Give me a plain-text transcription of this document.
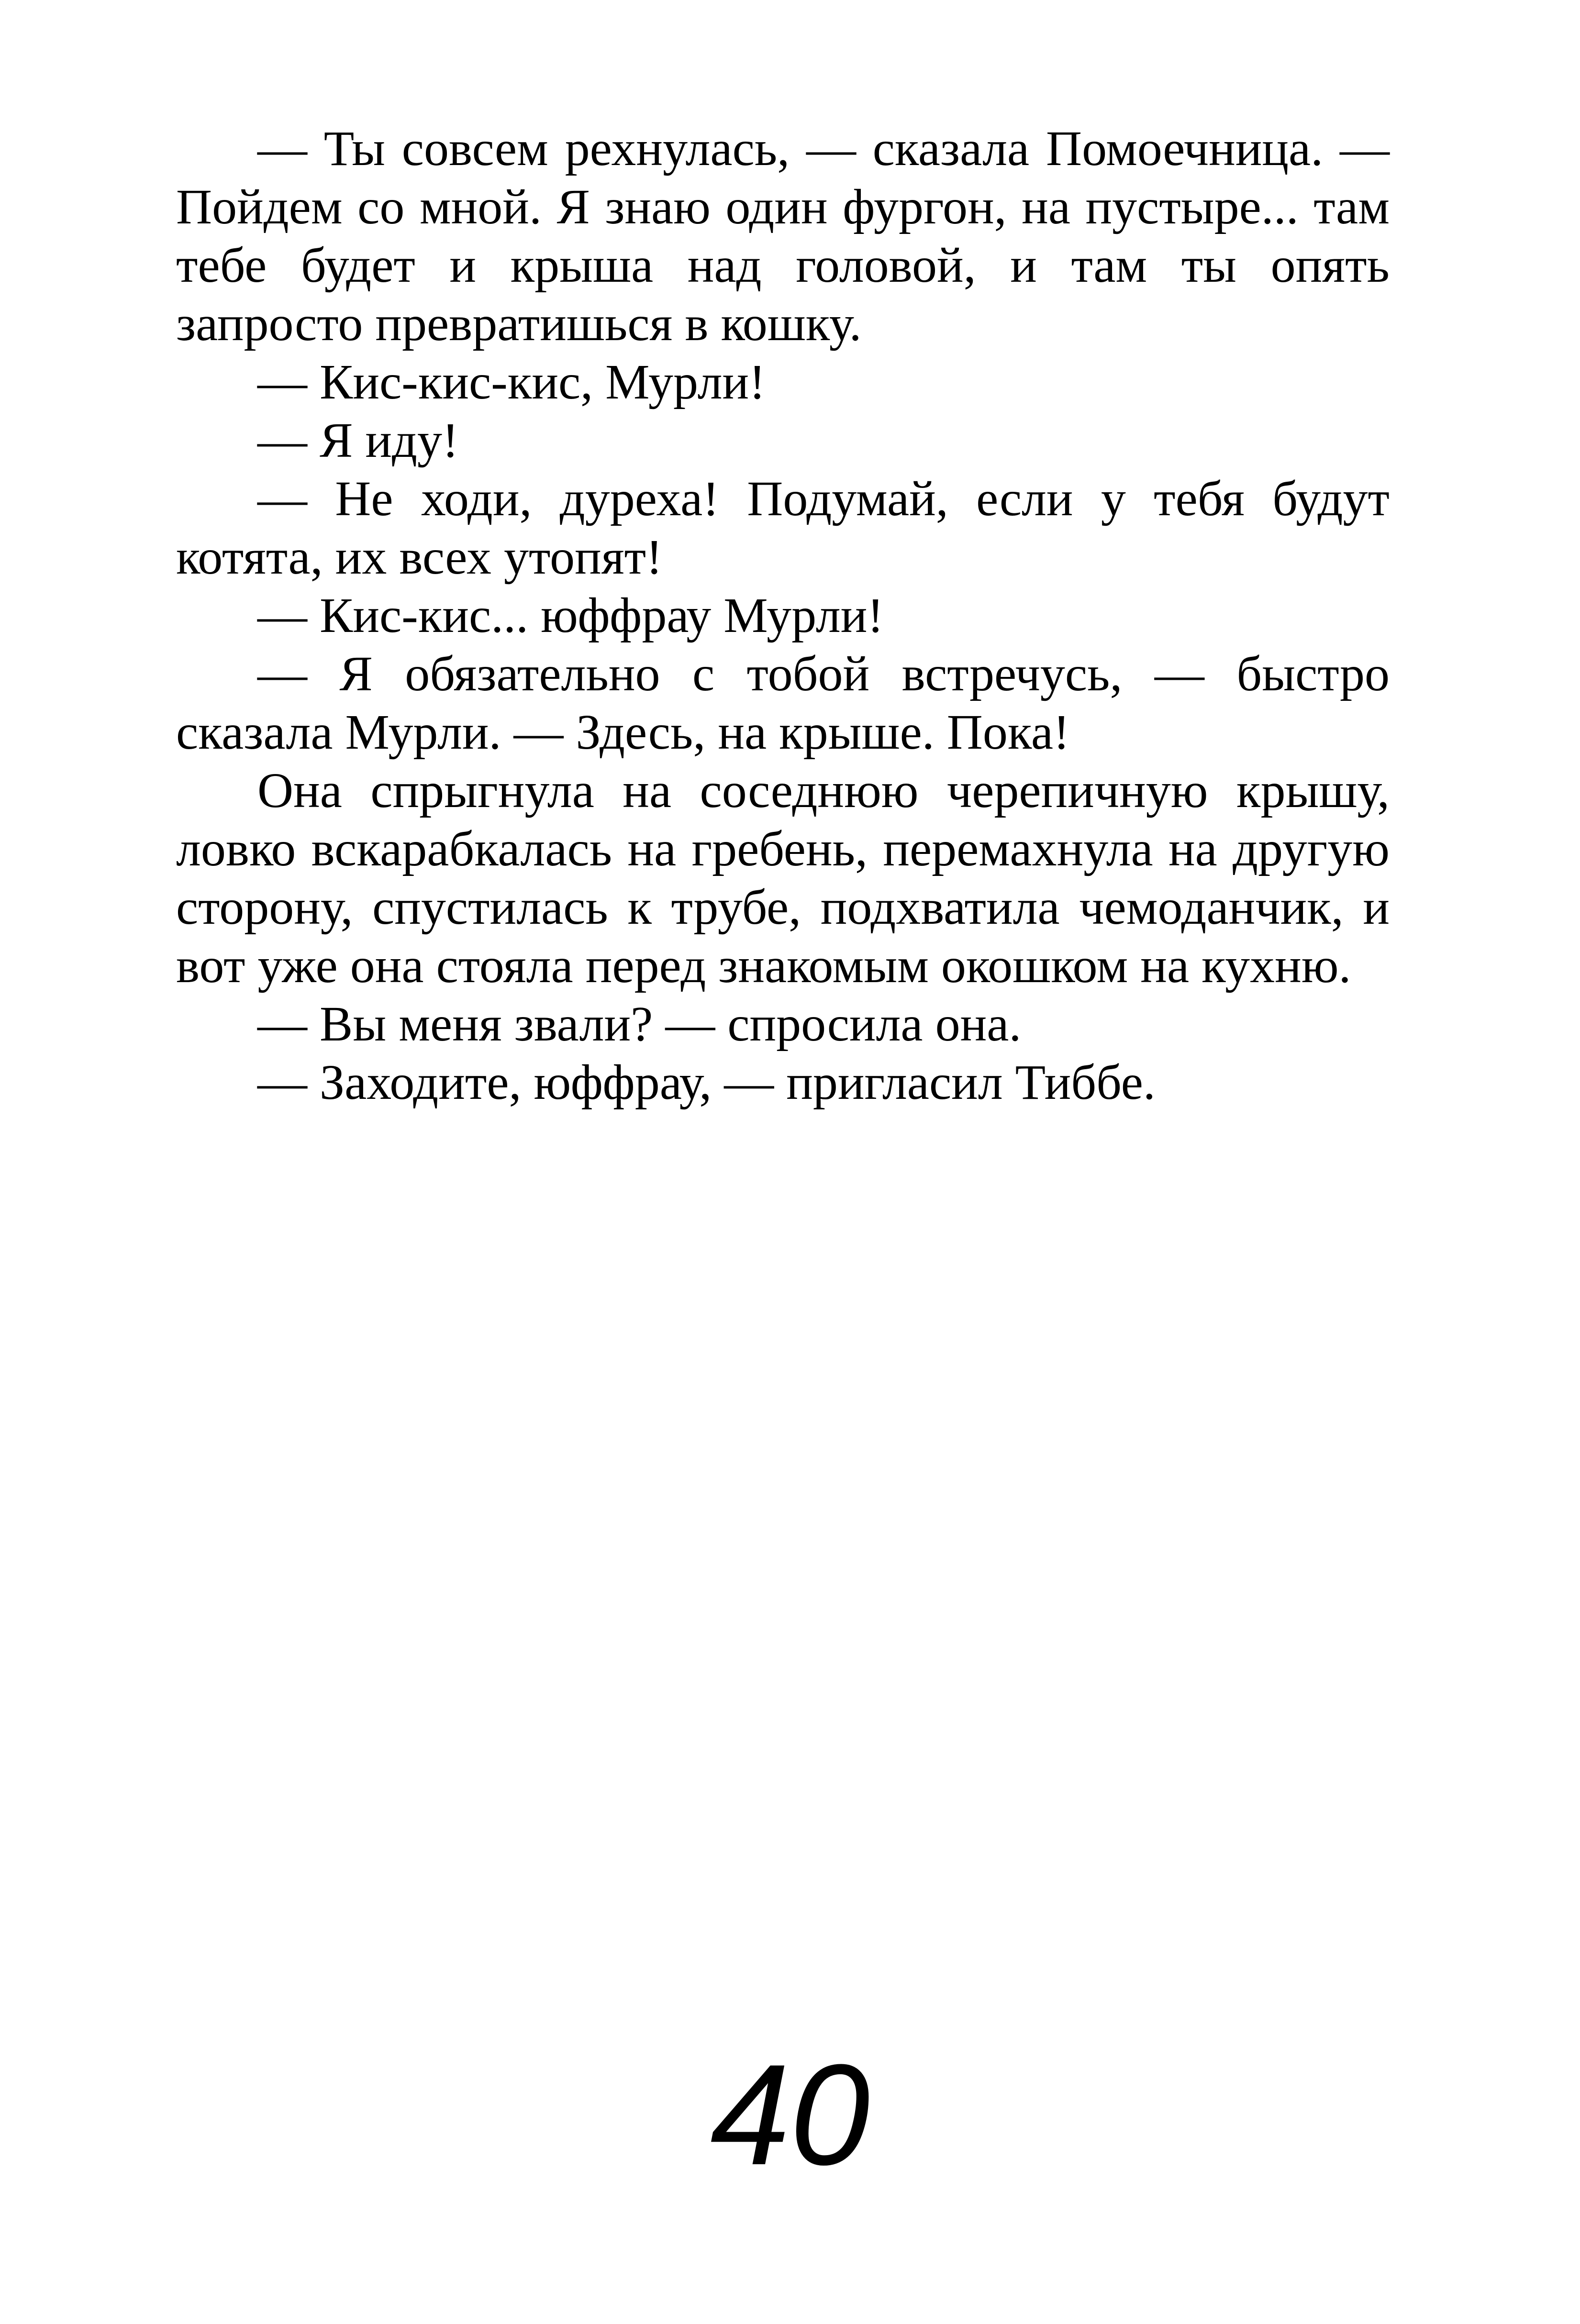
— Ты совсем рехнулась, — сказала Помоечница. — Пойдем со мной. Я знаю один фургон, на пустыре... там тебе будет и крыша над головой, и там ты опять запросто превратишься в кошку.

— Кис-кис-кис, Мурли!

— Я иду!

— Не ходи, дуреха! Подумай, если у тебя будут котята, их всех утопят!

— Кис-кис... юффрау Мурли!

— Я обязательно с тобой встречусь, — быстро сказала Мурли. — Здесь, на крыше. Пока!

Она спрыгнула на соседнюю черепичную крышу, ловко вскарабкалась на гребень, перемахнула на другую сторону, спустилась к трубе, подхватила чемоданчик, и вот уже она стояла перед знакомым окошком на кухню.

— Вы меня звали? — спросила она.

— Заходите, юффрау, — пригласил Тиббе.

40
